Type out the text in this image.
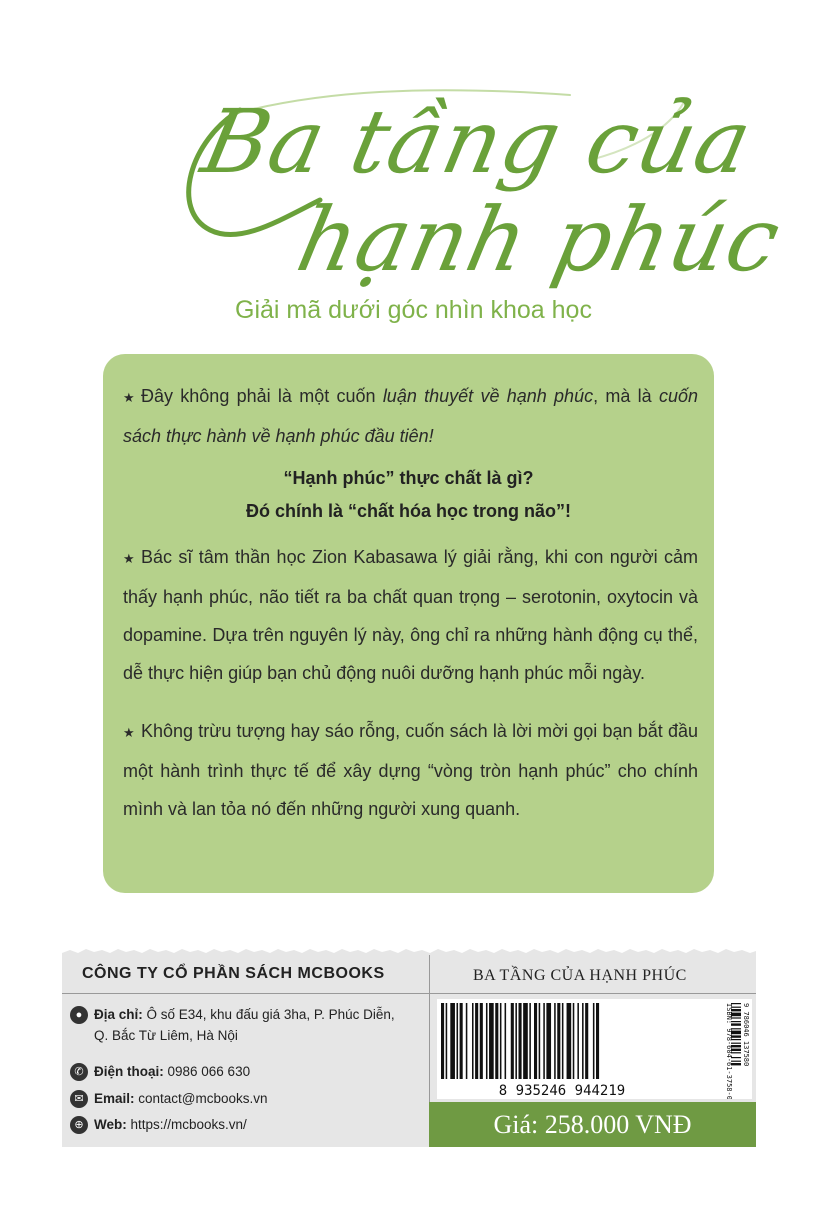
Ba tầng của
hạnh phúc
Giải mã dưới góc nhìn khoa học
★ Đây không phải là một cuốn luận thuyết về hạnh phúc, mà là cuốn sách thực hành về hạnh phúc đầu tiên!
“Hạnh phúc” thực chất là gì?
Đó chính là “chất hóa học trong não”!
★ Bác sĩ tâm thần học Zion Kabasawa lý giải rằng, khi con người cảm thấy hạnh phúc, não tiết ra ba chất quan trọng – serotonin, oxytocin và dopamine. Dựa trên nguyên lý này, ông chỉ ra những hành động cụ thể, dễ thực hiện giúp bạn chủ động nuôi dưỡng hạnh phúc mỗi ngày.
★ Không trừu tượng hay sáo rỗng, cuốn sách là lời mời gọi bạn bắt đầu một hành trình thực tế để xây dựng “vòng tròn hạnh phúc” cho chính mình và lan tỏa nó đến những người xung quanh.
CÔNG TY CỔ PHẦN SÁCH MCBOOKS	BA TẦNG CỦA HẠNH PHÚC
● Địa chỉ: Ô số E34, khu đấu giá 3ha, P. Phúc Diễn,
Q. Bắc Từ Liêm, Hà Nội
✆ Điện thoại: 0986 066 630
✉ Email: contact@mcbooks.vn
⊕ Web: https://mcbooks.vn/
8 935246 944219	ISBN: 978-604-61-3758-0 9 786046 137580
Giá: 258.000 VNĐ
